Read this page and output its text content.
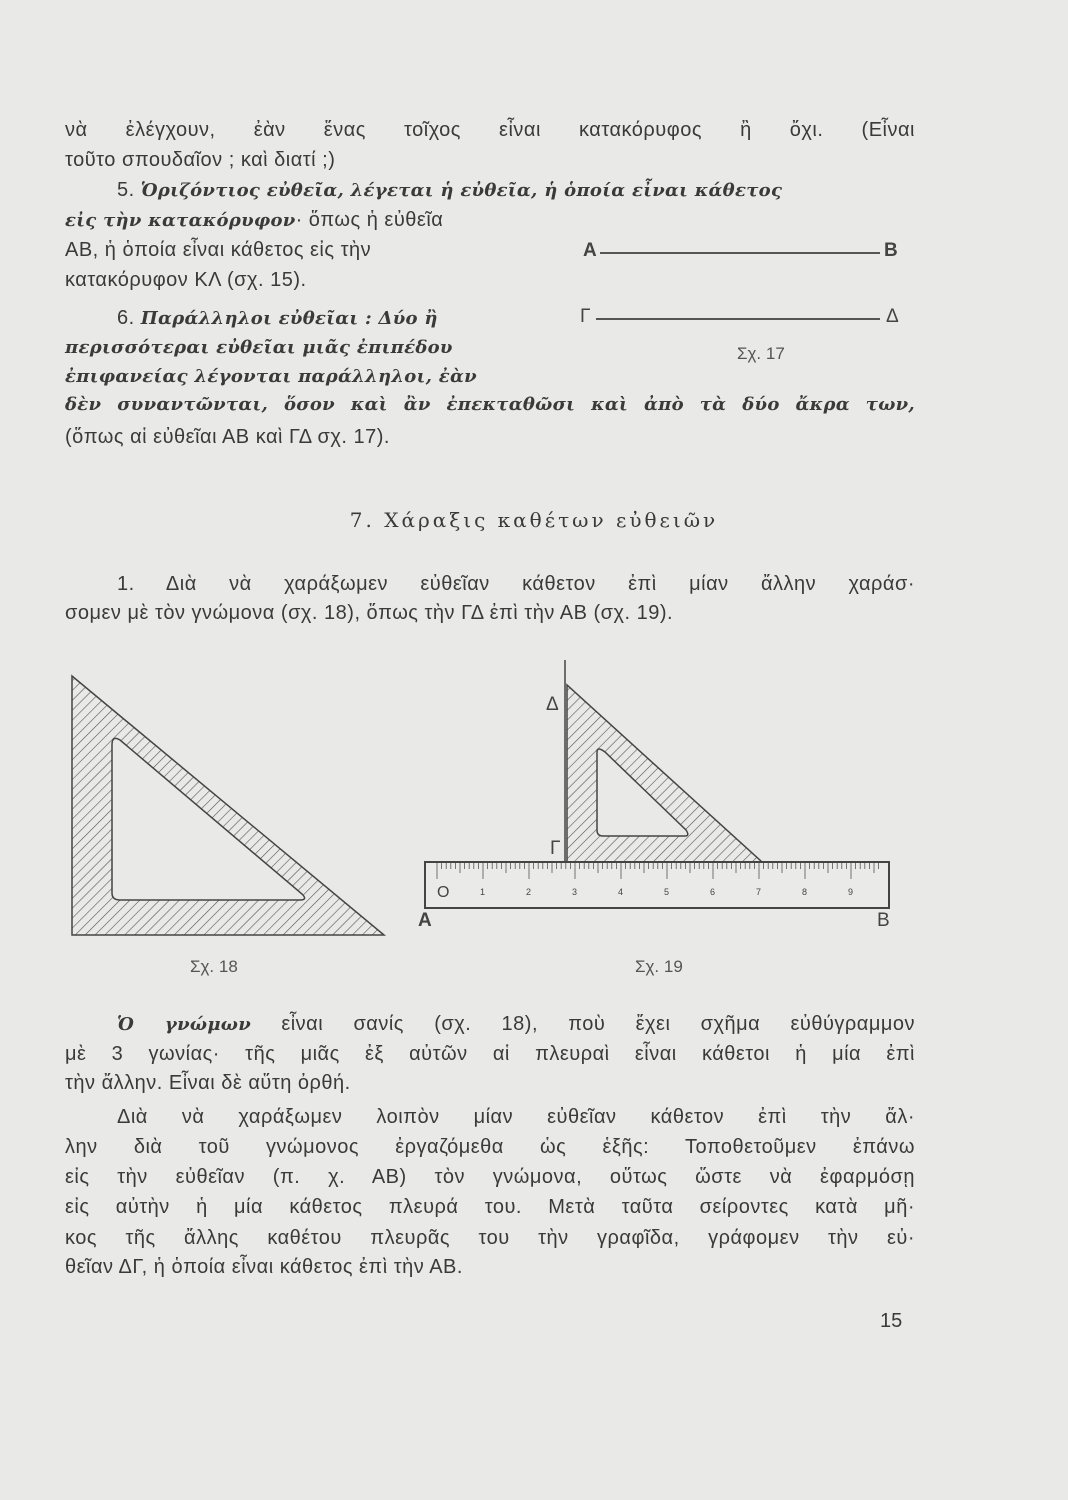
νὰ ἐλέγχουν, ἐὰν ἕνας τοῖχος εἶναι κατακόρυφος ἢ ὄχι. (Εἶναι
τοῦτο σπουδαῖον ; καὶ διατί ;)
5. Ὁριζόντιος εὐθεῖα, λέγεται ἡ εὐθεῖα, ἡ ὁποία εἶναι κάθετος
εἰς τὴν κατακόρυφον· ὅπως ἡ εὐθεῖα
ΑΒ, ἡ ὁποία εἶναι κάθετος εἰς τὴν
κατακόρυφον ΚΛ (σχ. 15).
6. Παράλληλοι εὐθεῖαι : Δύο ἢ
περισσότεραι εὐθεῖαι μιᾶς ἐπιπέδου
ἐπιφανείας λέγονται παράλληλοι, ἐὰν
δὲν συναντῶνται, ὅσον καὶ ἂν ἐπεκταθῶσι καὶ ἀπὸ τὰ δύο ἄκρα των,
(ὅπως αἱ εὐθεῖαι ΑΒ καὶ ΓΔ σχ. 17).
Α	Β
Γ	Δ
Σχ. 17
7. Χάραξις καθέτων εὐθειῶν
1. Διὰ νὰ χαράξωμεν εὐθεῖαν κάθετον ἐπὶ μίαν ἄλλην χαράσ·
σομεν μὲ τὸν γνώμονα (σχ. 18), ὅπως τὴν ΓΔ ἐπὶ τὴν ΑΒ (σχ. 19).
O	1	2	3	4	5	6	7	8	9
Δ
Γ
Α	Β
Σχ. 18	Σχ. 19
Ὁ γνώμων εἶναι σανίς (σχ. 18), ποὺ ἔχει σχῆμα εὐθύγραμμον
μὲ 3 γωνίας· τῆς μιᾶς ἐξ αὐτῶν αἱ πλευραὶ εἶναι κάθετοι ἡ μία ἐπὶ
τὴν ἄλλην. Εἶναι δὲ αὕτη ὀρθή.
Διὰ νὰ χαράξωμεν λοιπὸν μίαν εὐθεῖαν κάθετον ἐπὶ τὴν ἄλ·
λην διὰ τοῦ γνώμονος ἐργαζόμεθα ὡς ἑξῆς: Τοποθετοῦμεν ἐπάνω
εἰς τὴν εὐθεῖαν (π. χ. ΑΒ) τὸν γνώμονα, οὕτως ὥστε νὰ ἐφαρμόσῃ
εἰς αὐτὴν ἡ μία κάθετος πλευρά του. Μετὰ ταῦτα σείροντες κατὰ μῆ·
κος τῆς ἄλλης καθέτου πλευρᾶς του τὴν γραφῖδα, γράφομεν τὴν εὐ·
θεῖαν ΔΓ, ἡ ὁποία εἶναι κάθετος ἐπὶ τὴν ΑΒ.
15
